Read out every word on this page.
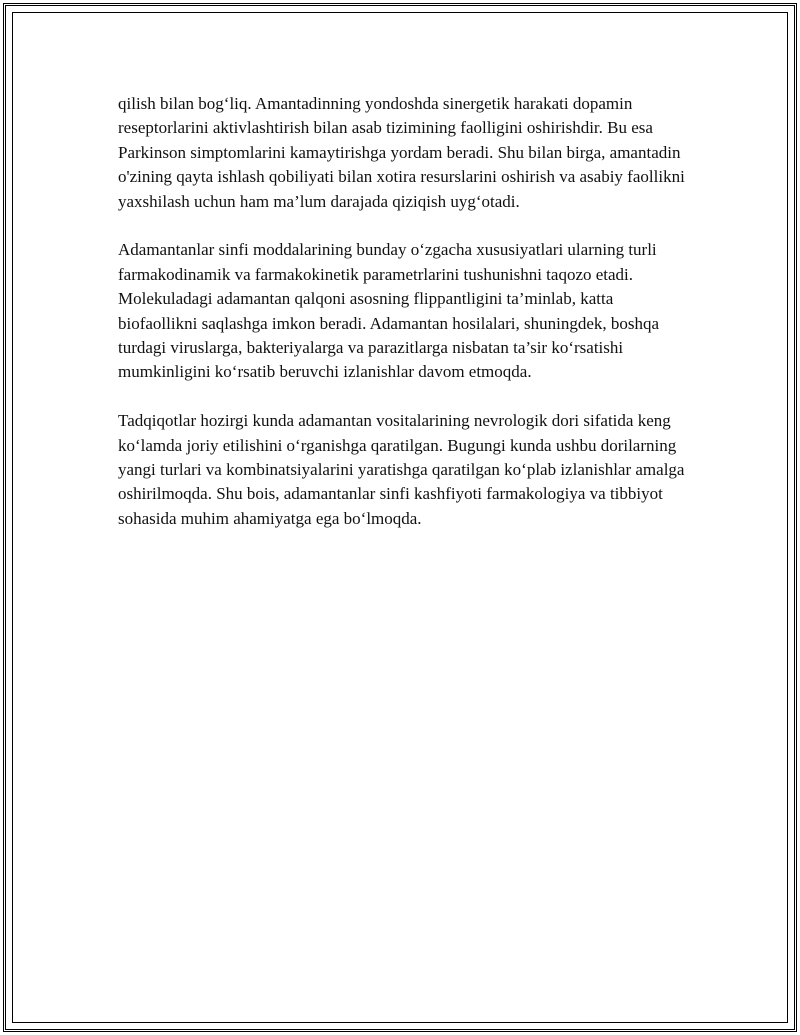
qilish bilan bog‘liq. Amantadinning yondoshda sinergetik harakati dopamin reseptorlarini aktivlashtirish bilan asab tizimining faolligini oshirishdir. Bu esa Parkinson simptomlarini kamaytirishga yordam beradi. Shu bilan birga, amantadin o'zining qayta ishlash qobiliyati bilan xotira resurslarini oshirish va asabiy faollikni yaxshilash uchun ham ma’lum darajada qiziqish uyg‘otadi.

Adamantanlar sinfi moddalarining bunday o‘zgacha xususiyatlari ularning turli farmakodinamik va farmakokinetik parametrlarini tushunishni taqozo etadi. Molekuladagi adamantan qalqoni asosning flippantligini ta’minlab, katta biofaollikni saqlashga imkon beradi. Adamantan hosilalari, shuningdek, boshqa turdagi viruslarga, bakteriyalarga va parazitlarga nisbatan ta’sir ko‘rsatishi mumkinligini ko‘rsatib beruvchi izlanishlar davom etmoqda.

Tadqiqotlar hozirgi kunda adamantan vositalarining nevrologik dori sifatida keng ko‘lamda joriy etilishini o‘rganishga qaratilgan. Bugungi kunda ushbu dorilarning yangi turlari va kombinatsiyalarini yaratishga qaratilgan ko‘plab izlanishlar amalga oshirilmoqda. Shu bois, adamantanlar sinfi kashfiyoti farmakologiya va tibbiyot sohasida muhim ahamiyatga ega bo‘lmoqda.
